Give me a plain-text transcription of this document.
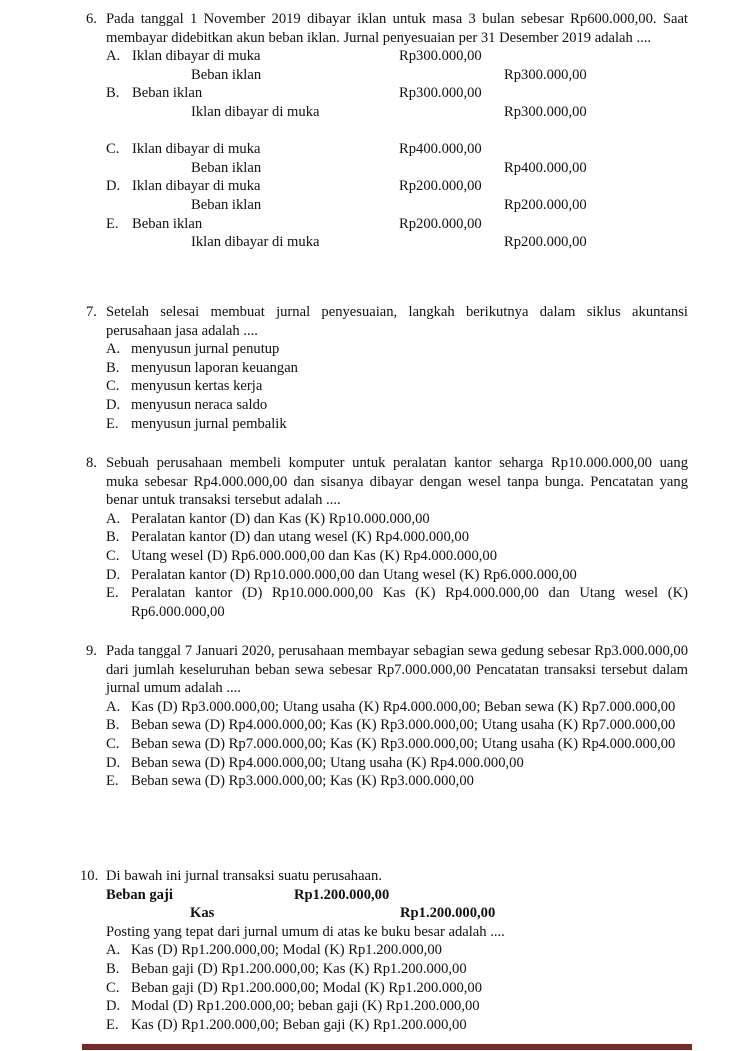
6. Pada tanggal 1 November 2019 dibayar iklan untuk masa 3 bulan sebesar Rp600.000,00. Saat membayar didebitkan akun beban iklan. Jurnal penyesuaian per 31 Desember 2019 adalah ....
A. Iklan dibayar di muka	Rp300.000,00
Beban iklan	Rp300.000,00
B. Beban iklan	Rp300.000,00
Iklan dibayar di muka	Rp300.000,00
C. Iklan dibayar di muka	Rp400.000,00
Beban iklan	Rp400.000,00
D. Iklan dibayar di muka	Rp200.000,00
Beban iklan	Rp200.000,00
E. Beban iklan	Rp200.000,00
Iklan dibayar di muka	Rp200.000,00
7. Setelah selesai membuat jurnal penyesuaian, langkah berikutnya dalam siklus akuntansi perusahaan jasa adalah ....
A. menyusun jurnal penutup
B. menyusun laporan keuangan
C. menyusun kertas kerja
D. menyusun neraca saldo
E. menyusun jurnal pembalik
8. Sebuah perusahaan membeli komputer untuk peralatan kantor seharga Rp10.000.000,00 uang muka sebesar Rp4.000.000,00 dan sisanya dibayar dengan wesel tanpa bunga. Pencatatan yang benar untuk transaksi tersebut adalah ....
A. Peralatan kantor (D) dan Kas (K) Rp10.000.000,00
B. Peralatan kantor (D) dan utang wesel (K) Rp4.000.000,00
C. Utang wesel (D) Rp6.000.000,00 dan Kas (K) Rp4.000.000,00
D. Peralatan kantor (D) Rp10.000.000,00 dan Utang wesel (K) Rp6.000.000,00
E. Peralatan kantor (D) Rp10.000.000,00 Kas (K) Rp4.000.000,00 dan Utang wesel (K) Rp6.000.000,00
9. Pada tanggal 7 Januari 2020, perusahaan membayar sebagian sewa gedung sebesar Rp3.000.000,00 dari jumlah keseluruhan beban sewa sebesar Rp7.000.000,00 Pencatatan transaksi tersebut dalam jurnal umum adalah ....
A. Kas (D) Rp3.000.000,00; Utang usaha (K) Rp4.000.000,00; Beban sewa (K) Rp7.000.000,00
B. Beban sewa (D) Rp4.000.000,00; Kas (K) Rp3.000.000,00; Utang usaha (K) Rp7.000.000,00
C. Beban sewa (D) Rp7.000.000,00; Kas (K) Rp3.000.000,00; Utang usaha (K) Rp4.000.000,00
D. Beban sewa (D) Rp4.000.000,00; Utang usaha (K) Rp4.000.000,00
E. Beban sewa (D) Rp3.000.000,00; Kas (K) Rp3.000.000,00
10. Di bawah ini jurnal transaksi suatu perusahaan.
Beban gaji	Rp1.200.000,00
Kas	Rp1.200.000,00
Posting yang tepat dari jurnal umum di atas ke buku besar adalah ....
A. Kas (D) Rp1.200.000,00; Modal (K) Rp1.200.000,00
B. Beban gaji (D) Rp1.200.000,00; Kas (K) Rp1.200.000,00
C. Beban gaji (D) Rp1.200.000,00; Modal (K) Rp1.200.000,00
D. Modal (D) Rp1.200.000,00; beban gaji (K) Rp1.200.000,00
E. Kas (D) Rp1.200.000,00; Beban gaji (K) Rp1.200.000,00
